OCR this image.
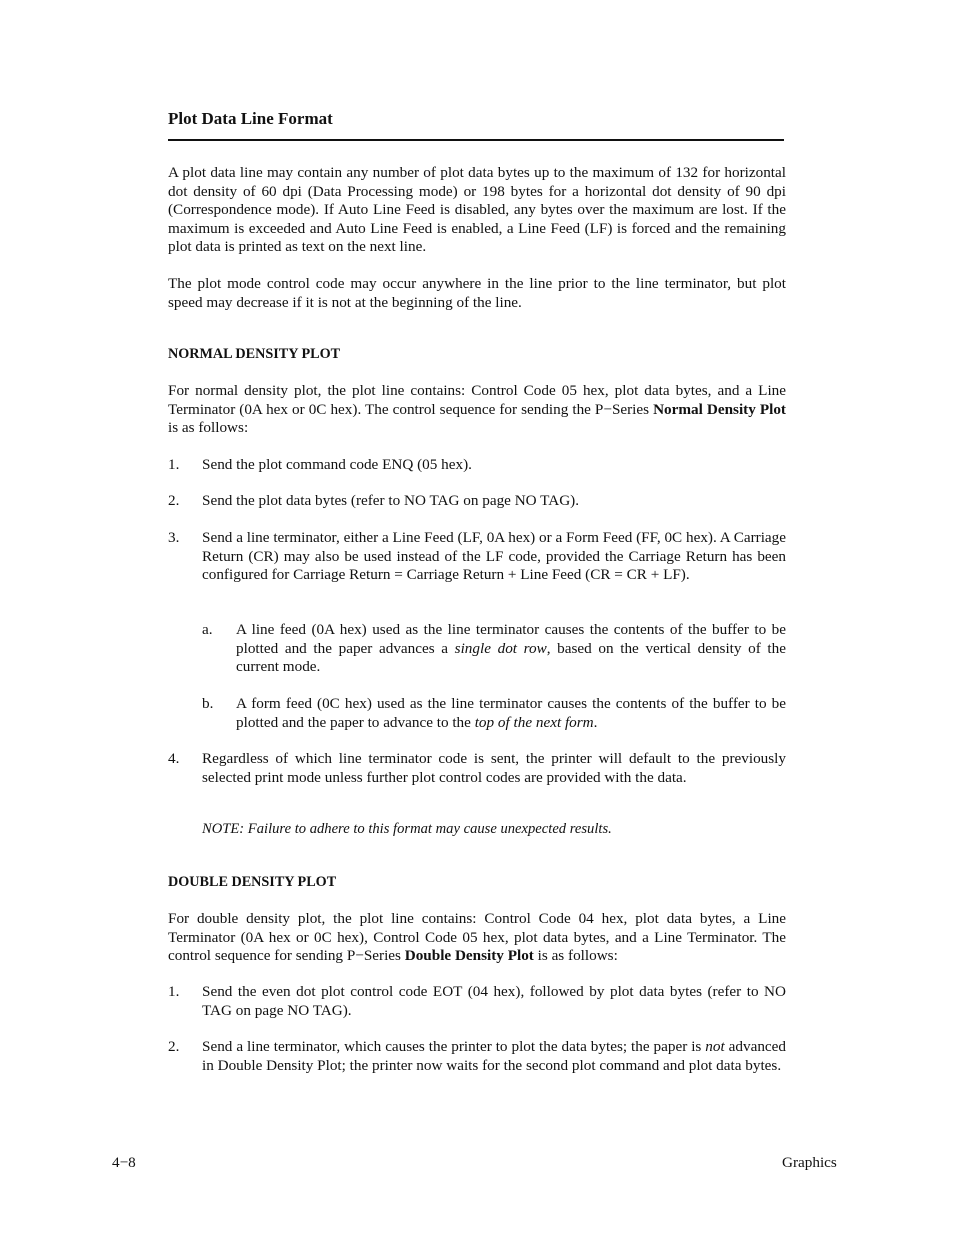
Plot Data Line Format
A plot data line may contain any number of plot data bytes up to the maximum of 132 for horizontal dot density of 60 dpi (Data Processing mode) or 198 bytes for a horizontal dot density of 90 dpi (Correspondence mode). If Auto Line Feed is disabled, any bytes over the maximum are lost. If the maximum is exceeded and Auto Line Feed is enabled, a Line Feed (LF) is forced and the remaining plot data is printed as text on the next line.
The plot mode control code may occur anywhere in the line prior to the line terminator, but plot speed may decrease if it is not at the beginning of the line.
NORMAL DENSITY PLOT
For normal density plot, the plot line contains: Control Code 05 hex, plot data bytes, and a Line Terminator (0A hex or 0C hex). The control sequence for sending the P−Series Normal Density Plot is as follows:
1.	Send the plot command code ENQ (05 hex).
2.	Send the plot data bytes (refer to NO TAG on page NO TAG).
3.	Send a line terminator, either a Line Feed (LF, 0A hex) or a Form Feed (FF, 0C hex). A Carriage Return (CR) may also be used instead of the LF code, provided the Carriage Return has been configured for Carriage Return = Carriage Return + Line Feed (CR = CR + LF).
a.	A line feed (0A hex) used as the line terminator causes the contents of the buffer to be plotted and the paper advances a single dot row, based on the vertical density of the current mode.
b.	A form feed (0C hex) used as the line terminator causes the contents of the buffer to be plotted and the paper to advance to the top of the next form.
4.	Regardless of which line terminator code is sent, the printer will default to the previously selected print mode unless further plot control codes are provided with the data.
NOTE: Failure to adhere to this format may cause unexpected results.
DOUBLE DENSITY PLOT
For double density plot, the plot line contains: Control Code 04 hex, plot data bytes, a Line Terminator (0A hex or 0C hex), Control Code 05 hex, plot data bytes, and a Line Terminator. The control sequence for sending P−Series Double Density Plot is as follows:
1.	Send the even dot plot control code EOT (04 hex), followed by plot data bytes (refer to NO TAG on page NO TAG).
2.	Send a line terminator, which causes the printer to plot the data bytes; the paper is not advanced in Double Density Plot; the printer now waits for the second plot command and plot data bytes.
4−8	Graphics
